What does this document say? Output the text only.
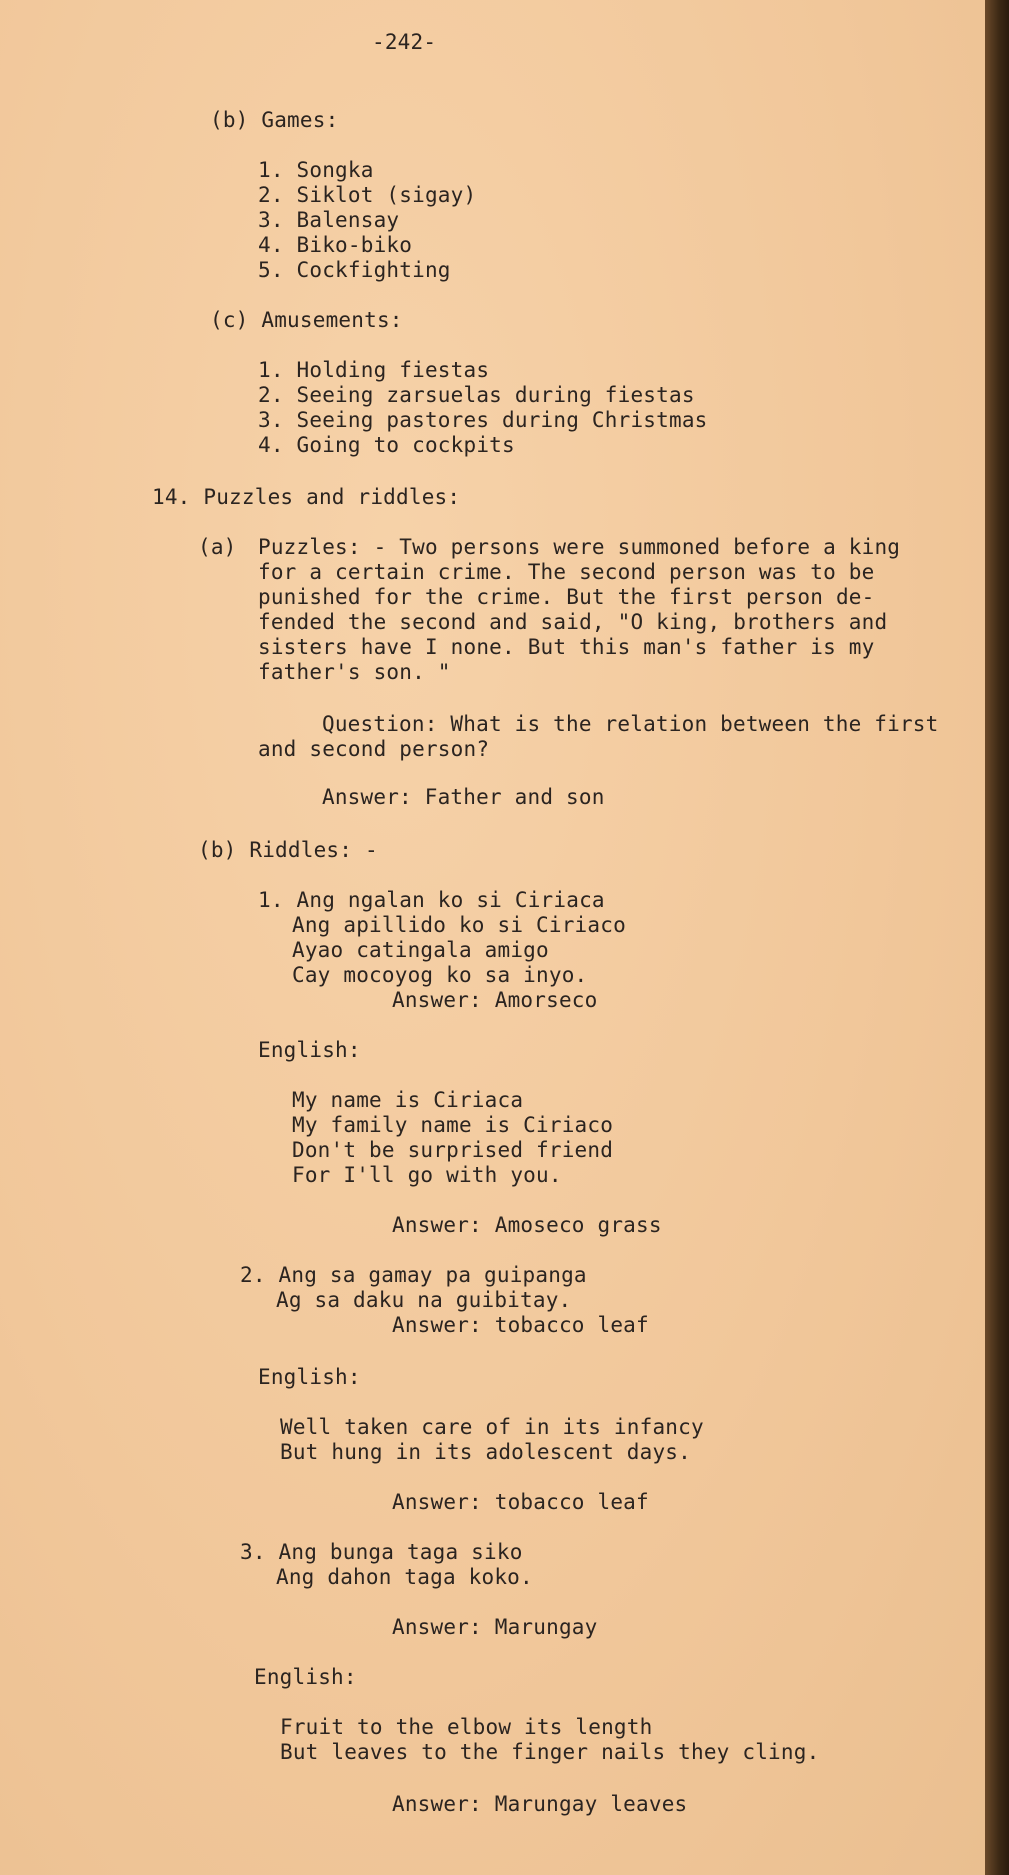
-242-
(b) Games:
1. Songka
2. Siklot (sigay)
3. Balensay
4. Biko-biko
5. Cockfighting
(c) Amusements:
1. Holding fiestas
2. Seeing zarsuelas during fiestas
3. Seeing pastores during Christmas
4. Going to cockpits
14. Puzzles and riddles:
(a) Puzzles: - Two persons were summoned before a king
for a certain crime. The second person was to be
punished for the crime. But the first person de-
fended the second and said, "O king, brothers and
sisters have I none. But this man's father is my
father's son. "
Question: What is the relation between the first
and second person?
Answer: Father and son
(b) Riddles: -
1. Ang ngalan ko si Ciriaca
Ang apillido ko si Ciriaco
Ayao catingala amigo
Cay mocoyog ko sa inyo.
Answer: Amorseco
English:
My name is Ciriaca
My family name is Ciriaco
Don't be surprised friend
For I'll go with you.
Answer: Amoseco grass
2. Ang sa gamay pa guipanga
Ag sa daku na guibitay.
Answer: tobacco leaf
English:
Well taken care of in its infancy
But hung in its adolescent days.
Answer: tobacco leaf
3. Ang bunga taga siko
Ang dahon taga koko.
Answer: Marungay
English:
Fruit to the elbow its length
But leaves to the finger nails they cling.
Answer: Marungay leaves
